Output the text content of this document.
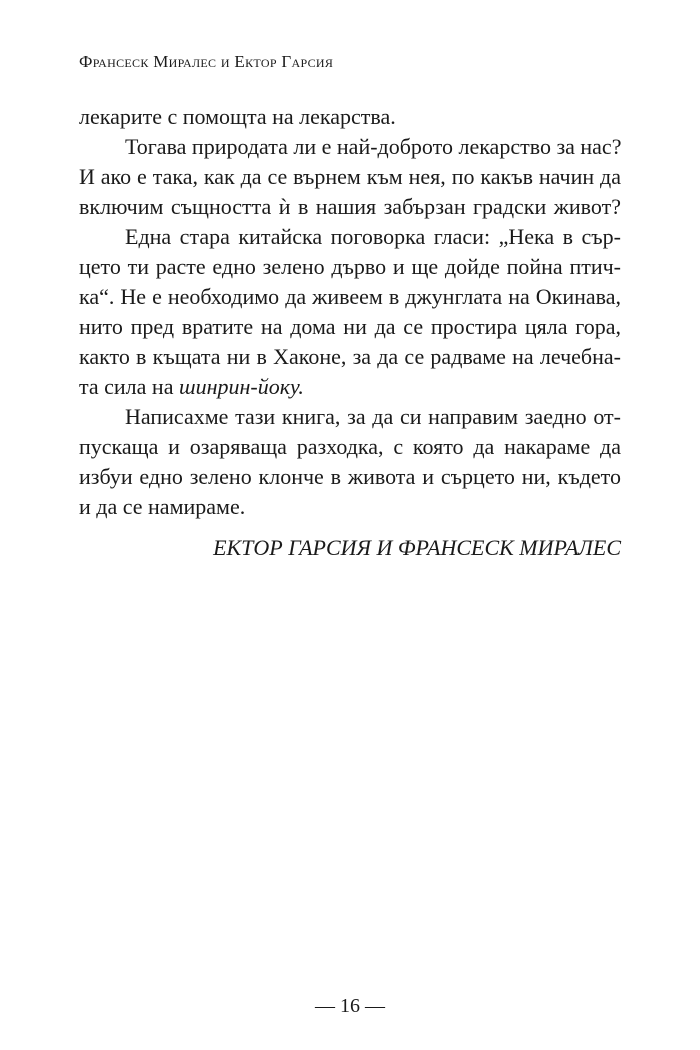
Франсеск Миралес и Ектор Гарсия
лекарите с помощта на лекарства.
Тогава природата ли е най-доброто лекарство за нас?
И ако е така, как да се върнем към нея, по какъв начин да
включим същността ѝ в нашия забързан градски живот?
Една стара китайска поговорка гласи: „Нека в сър-
цето ти расте едно зелено дърво и ще дойде пойна птич-
ка“. Не е необходимо да живеем в джунглата на Окинава,
нито пред вратите на дома ни да се простира цяла гора,
както в къщата ни в Хаконе, за да се радваме на лечебна-
та сила на шинрин-йоку.
Написахме тази книга, за да си направим заедно от-
пускаща и озаряваща разходка, с която да накараме да
избуи едно зелено клонче в живота и сърцето ни, където
и да се намираме.
ЕКТОР ГАРСИЯ И ФРАНСЕСК МИРАЛЕС
— 16 —
